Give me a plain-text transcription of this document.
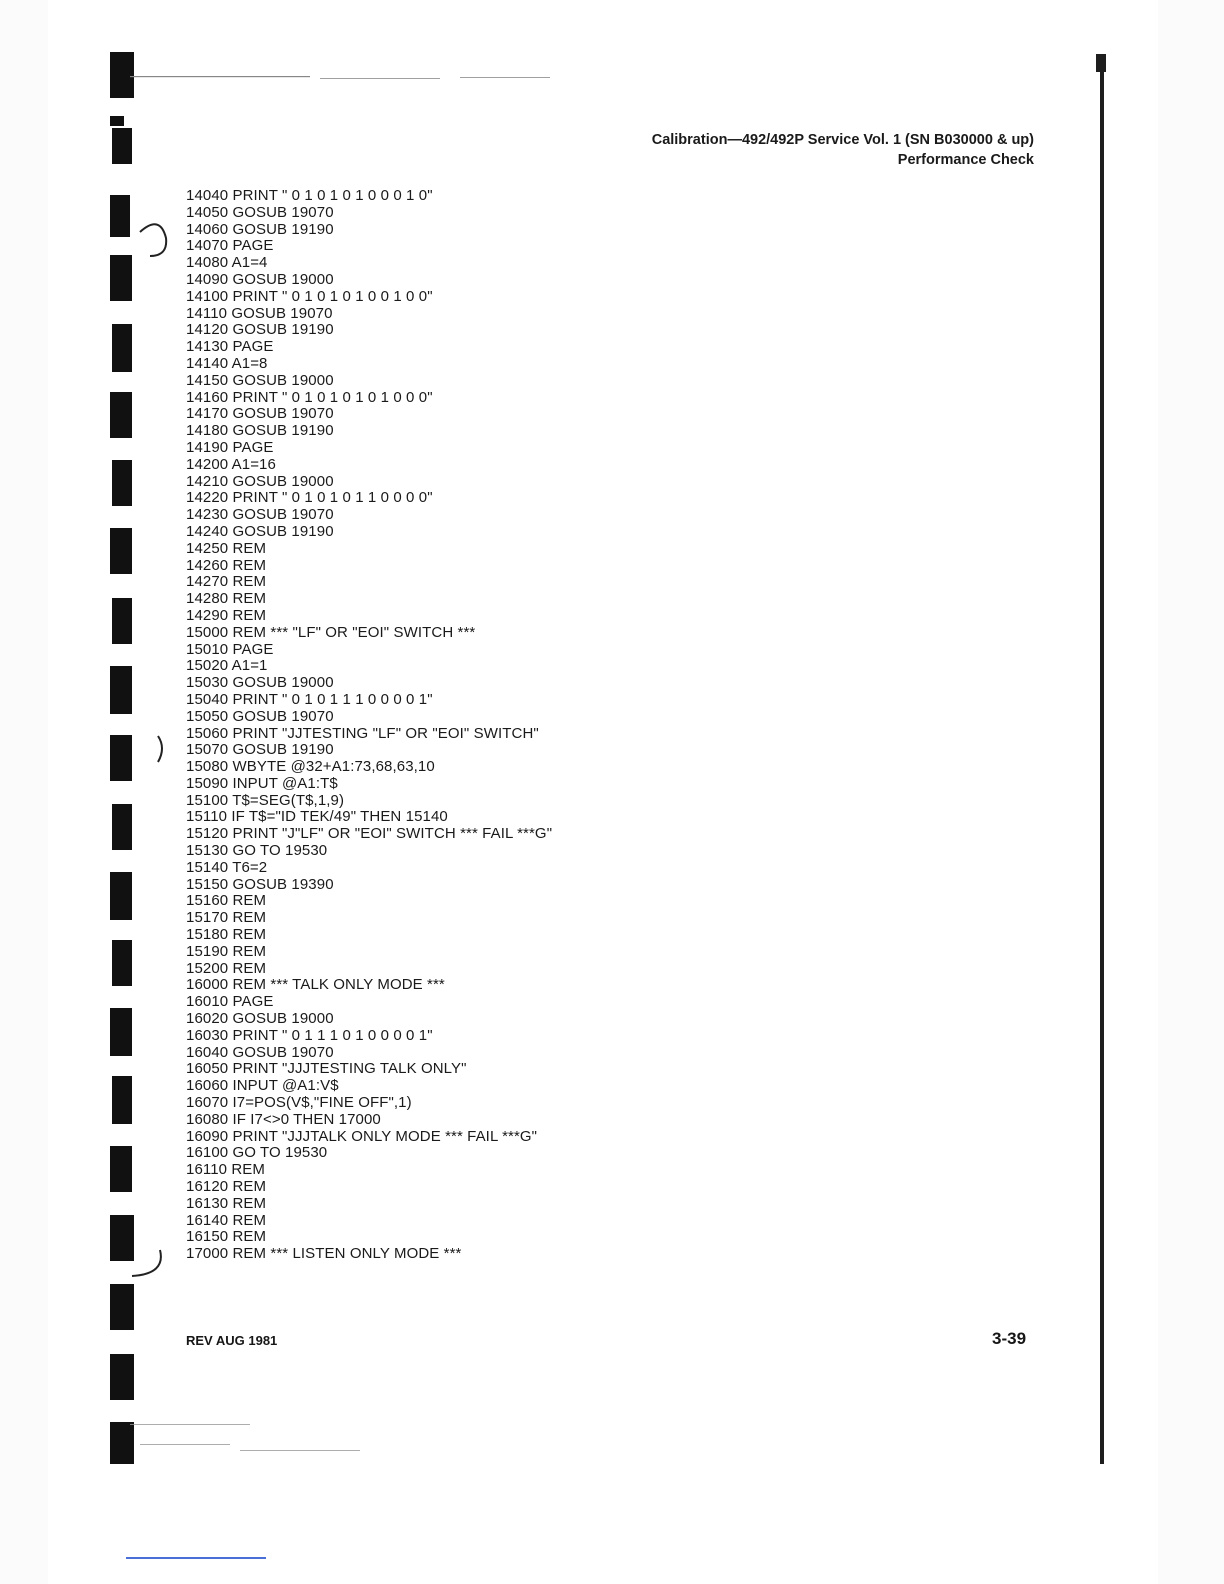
Calibration—492/492P Service Vol. 1 (SN B030000 & up)
Performance Check
14040 PRINT " 0 1 0 1 0 1 0 0 0 1 0"
14050 GOSUB 19070
14060 GOSUB 19190
14070 PAGE
14080 A1=4
14090 GOSUB 19000
14100 PRINT " 0 1 0 1 0 1 0 0 1 0 0"
14110 GOSUB 19070
14120 GOSUB 19190
14130 PAGE
14140 A1=8
14150 GOSUB 19000
14160 PRINT " 0 1 0 1 0 1 0 1 0 0 0"
14170 GOSUB 19070
14180 GOSUB 19190
14190 PAGE
14200 A1=16
14210 GOSUB 19000
14220 PRINT " 0 1 0 1 0 1 1 0 0 0 0"
14230 GOSUB 19070
14240 GOSUB 19190
14250 REM
14260 REM
14270 REM
14280 REM
14290 REM
15000 REM *** "LF" OR "EOI" SWITCH ***
15010 PAGE
15020 A1=1
15030 GOSUB 19000
15040 PRINT " 0 1 0 1 1 1 0 0 0 0 1"
15050 GOSUB 19070
15060 PRINT "JJTESTING "LF" OR "EOI" SWITCH"
15070 GOSUB 19190
15080 WBYTE @32+A1:73,68,63,10
15090 INPUT @A1:T$
15100 T$=SEG(T$,1,9)
15110 IF T$="ID TEK/49" THEN 15140
15120 PRINT "J"LF" OR "EOI" SWITCH *** FAIL ***G"
15130 GO TO 19530
15140 T6=2
15150 GOSUB 19390
15160 REM
15170 REM
15180 REM
15190 REM
15200 REM
16000 REM *** TALK ONLY MODE ***
16010 PAGE
16020 GOSUB 19000
16030 PRINT " 0 1 1 1 0 1 0 0 0 0 1"
16040 GOSUB 19070
16050 PRINT "JJJTESTING TALK ONLY"
16060 INPUT @A1:V$
16070 I7=POS(V$,"FINE OFF",1)
16080 IF I7<>0 THEN 17000
16090 PRINT "JJJTALK ONLY MODE *** FAIL ***G"
16100 GO TO 19530
16110 REM
16120 REM
16130 REM
16140 REM
16150 REM
17000 REM *** LISTEN ONLY MODE ***
REV AUG 1981	3-39
